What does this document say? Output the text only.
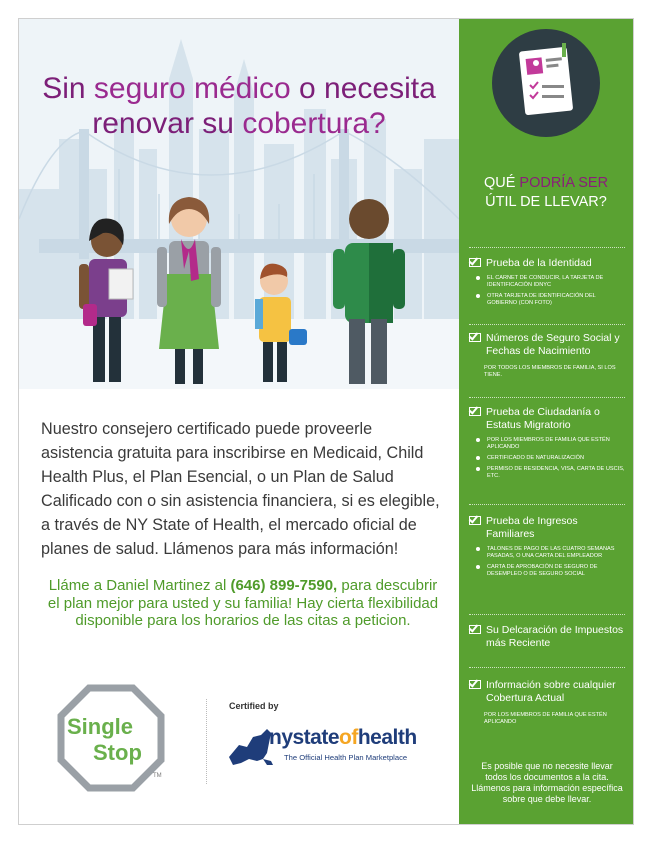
Sin seguro médico o necesita renovar su cobertura?
Nuestro consejero certificado puede proveerle asistencia gratuita para inscribirse en Medicaid, Child Health Plus, el Plan Esencial, o un Plan de Salud Calificado con o sin asistencia financiera, si es elegible, a través de NY State of Health, el mercado oficial de planes de salud. Llámenos para más información!
Lláme a Daniel Martinez al (646) 899-7590, para descubrir el plan mejor para usted y su familia! Hay cierta flexibilidad disponible para los horarios de las citas a peticion.
Single
Stop
TM
Certified by
nystateofhealth
The Official Health Plan Marketplace
QUÉ PODRÍA SER
ÚTIL DE LLEVAR?
Prueba de la Identidad
EL CARNET DE CONDUCIR, LA TARJETA DE IDENTIFICACIÓN IDNYC
OTRA TARJETA DE IDENTIFICACIÓN DEL GOBIERNO (CON FOTO)
Números de Seguro Social y Fechas de Nacimiento
POR TODOS LOS MIEMBROS DE FAMILIA, SI LOS TIENE.
Prueba de Ciudadanía o Estatus Migratorio
POR LOS MIEMBROS DE FAMILIA QUE ESTÉN APLICANDO
CERTIFICADO DE NATURALIZACIÓN
PERMISO DE RESIDENCIA, VISA, CARTA DE USCIS, ETC.
Prueba de Ingresos Familiares
TALONES DE PAGO DE LAS CUATRO SEMANAS PASADAS, O UNA CARTA DEL EMPLEADOR
CARTA DE APROBACIÓN DE SEGURO DE DESEMPLEO O DE SEGURO SOCIAL
Su Delcaración de Impuestos más Reciente
Información sobre cualquier Cobertura Actual
POR LOS MIEMBROS DE FAMILIA QUE ESTÉN APLICANDO
Es posible que no necesite llevar todos los documentos a la cita. Llámenos para información específica sobre que debe llevar.
